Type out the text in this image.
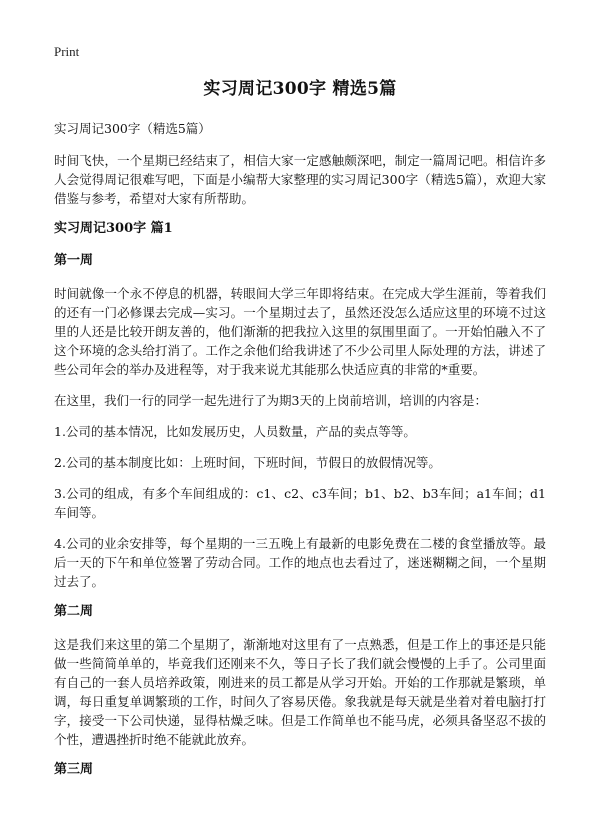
Print
实习周记300字 精选5篇
实习周记300字（精选5篇）

时间飞快，一个星期已经结束了，相信大家一定感触颇深吧，制定一篇周记吧。相信许多人会觉得周记很难写吧，下面是小编帮大家整理的实习周记300字（精选5篇），欢迎大家借鉴与参考，希望对大家有所帮助。

实习周记300字 篇1
第一周

时间就像一个永不停息的机器，转眼间大学三年即将结束。在完成大学生涯前，等着我们的还有一门必修课去完成—实习。一个星期过去了，虽然还没怎么适应这里的环境不过这里的人还是比较开朗友善的，他们渐渐的把我拉入这里的氛围里面了。一开始怕融入不了这个环境的念头给打消了。工作之余他们给我讲述了不少公司里人际处理的方法，讲述了些公司年会的举办及进程等，对于我来说尤其能那么快适应真的非常的*重要。

在这里，我们一行的同学一起先进行了为期3天的上岗前培训，培训的内容是：

1.公司的基本情况，比如发展历史，人员数量，产品的卖点等等。

2.公司的基本制度比如：上班时间，下班时间，节假日的放假情况等。

3.公司的组成，有多个车间组成的：c1、c2、c3车间；b1、b2、b3车间；a1车间；d1车间等。

4.公司的业余安排等，每个星期的一三五晚上有最新的电影免费在二楼的食堂播放等。最后一天的下午和单位签署了劳动合同。工作的地点也去看过了，迷迷糊糊之间，一个星期过去了。

第二周

这是我们来这里的第二个星期了，渐渐地对这里有了一点熟悉，但是工作上的事还是只能做一些简简单单的，毕竟我们还刚来不久，等日子长了我们就会慢慢的上手了。公司里面有自己的一套人员培养政策，刚进来的员工都是从学习开始。开始的工作那就是繁琐，单调，每日重复单调繁琐的工作，时间久了容易厌倦。象我就是每天就是坐着对着电脑打打字，接受一下公司快递，显得枯燥乏味。但是工作简单也不能马虎，必须具备坚忍不拔的个性，遭遇挫折时绝不能就此放弃。

第三周
